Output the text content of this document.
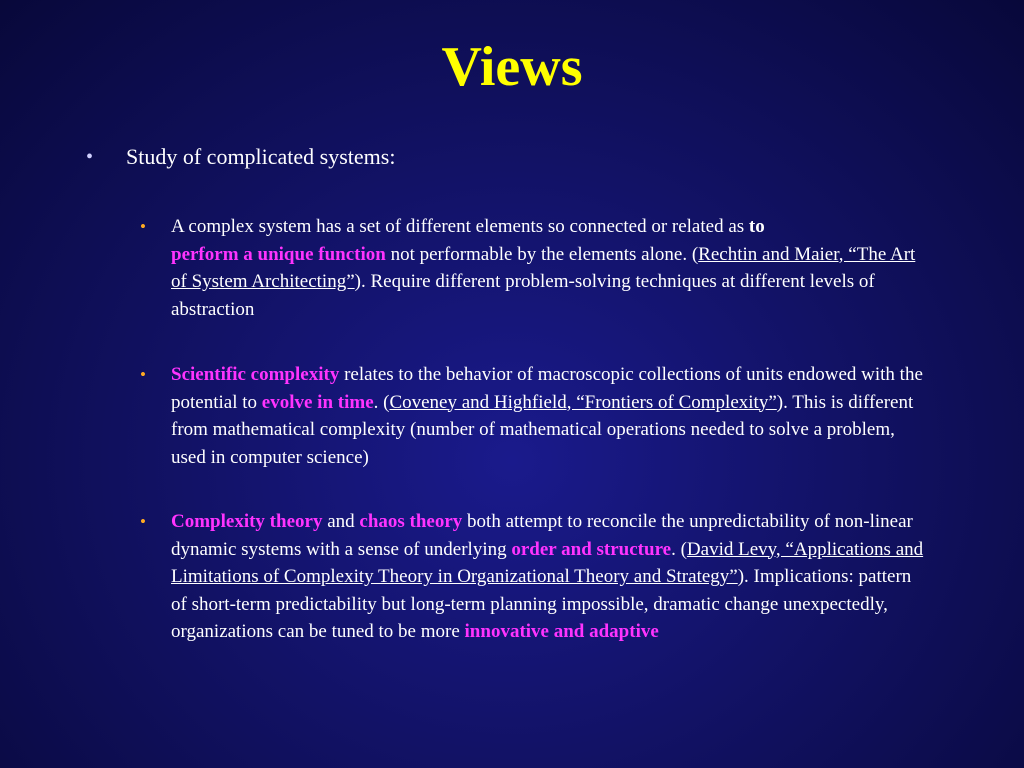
Views
• Study of complicated systems:
• A complex system has a set of different elements so connected or related as to
perform a unique function not performable by the elements alone. (Rechtin and Maier, “The Art of System Architecting”). Require different problem-solving techniques at different levels of abstraction
• Scientific complexity relates to the behavior of macroscopic collections of units endowed with the potential to evolve in time. (Coveney and Highfield, “Frontiers of Complexity”). This is different from mathematical complexity (number of mathematical operations needed to solve a problem, used in computer science)
• Complexity theory and chaos theory both attempt to reconcile the unpredictability of non-linear dynamic systems with a sense of underlying order and structure. (David Levy, “Applications and Limitations of Complexity Theory in Organizational Theory and Strategy”). Implications: pattern of short-term predictability but long-term planning impossible, dramatic change unexpectedly, organizations can be tuned to be more innovative and adaptive
